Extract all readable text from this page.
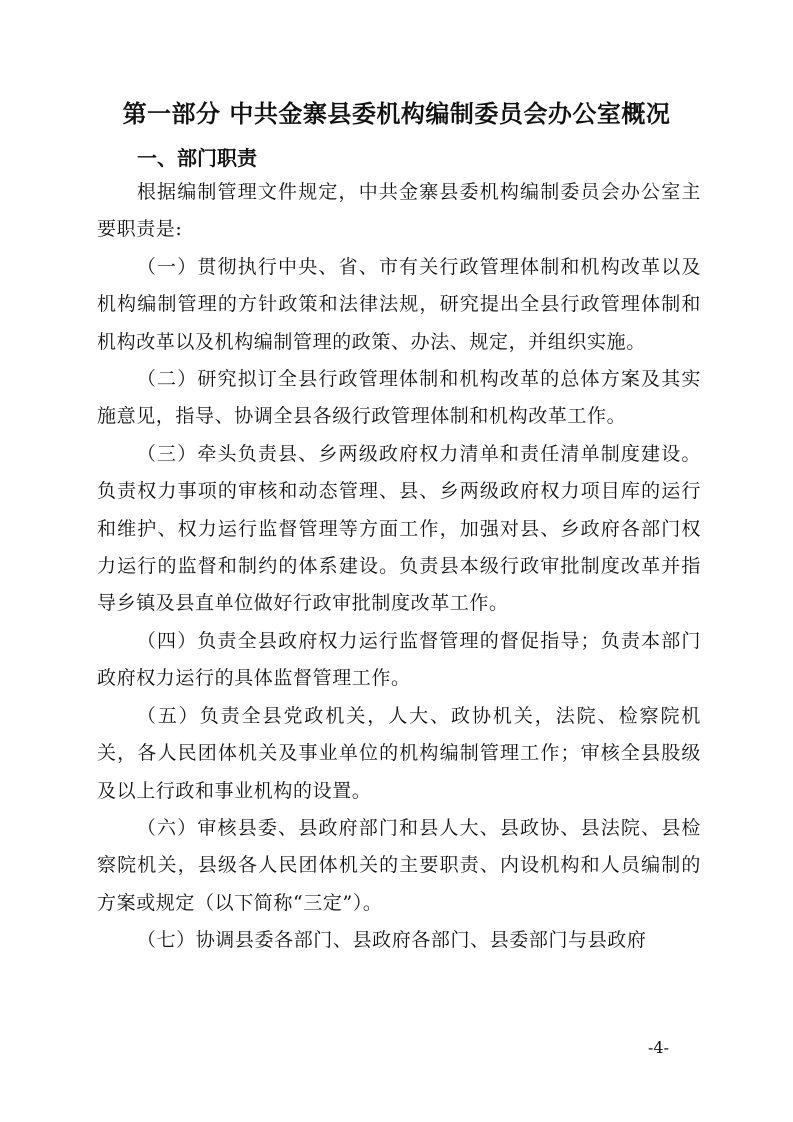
第一部分 中共金寨县委机构编制委员会办公室概况
一、部门职责

根据编制管理文件规定，中共金寨县委机构编制委员会办公室主要职责是:

（一）贯彻执行中央、省、市有关行政管理体制和机构改革以及机构编制管理的方针政策和法律法规，研究提出全县行政管理体制和机构改革以及机构编制管理的政策、办法、规定，并组织实施。

（二）研究拟订全县行政管理体制和机构改革的总体方案及其实施意见，指导、协调全县各级行政管理体制和机构改革工作。

（三）牵头负责县、乡两级政府权力清单和责任清单制度建设。负责权力事项的审核和动态管理、县、乡两级政府权力项目库的运行和维护、权力运行监督管理等方面工作，加强对县、乡政府各部门权力运行的监督和制约的体系建设。负责县本级行政审批制度改革并指导乡镇及县直单位做好行政审批制度改革工作。

（四）负责全县政府权力运行监督管理的督促指导；负责本部门政府权力运行的具体监督管理工作。

（五）负责全县党政机关，人大、政协机关，法院、检察院机关，各人民团体机关及事业单位的机构编制管理工作；审核全县股级及以上行政和事业机构的设置。

（六）审核县委、县政府部门和县人大、县政协、县法院、县检察院机关，县级各人民团体机关的主要职责、内设机构和人员编制的方案或规定（以下简称“三定”）。

（七）协调县委各部门、县政府各部门、县委部门与县政府

-4-
